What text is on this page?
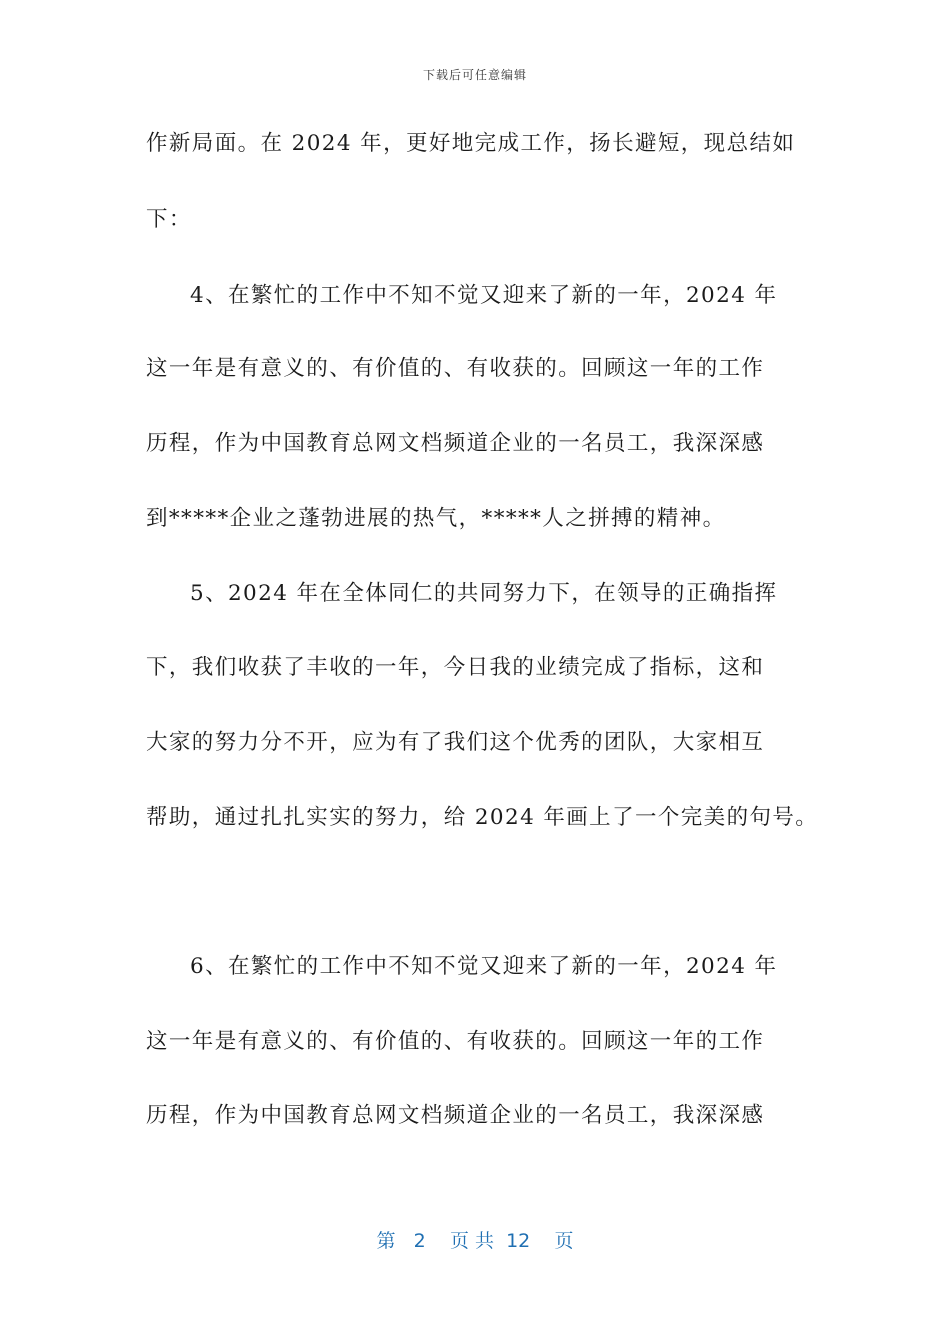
下载后可任意编辑
作新局面。在 2024 年，更好地完成工作，扬长避短，现总结如
下：
4、在繁忙的工作中不知不觉又迎来了新的一年，2024 年
这一年是有意义的、有价值的、有收获的。回顾这一年的工作
历程，作为中国教育总网文档频道企业的一名员工，我深深感
到*****企业之蓬勃进展的热气，*****人之拼搏的精神。
5、2024 年在全体同仁的共同努力下，在领导的正确指挥
下，我们收获了丰收的一年，今日我的业绩完成了指标，这和
大家的努力分不开，应为有了我们这个优秀的团队，大家相互
帮助，通过扎扎实实的努力，给 2024 年画上了一个完美的句号。
6、在繁忙的工作中不知不觉又迎来了新的一年，2024 年
这一年是有意义的、有价值的、有收获的。回顾这一年的工作
历程，作为中国教育总网文档频道企业的一名员工，我深深感
第 2 页 共 12 页
